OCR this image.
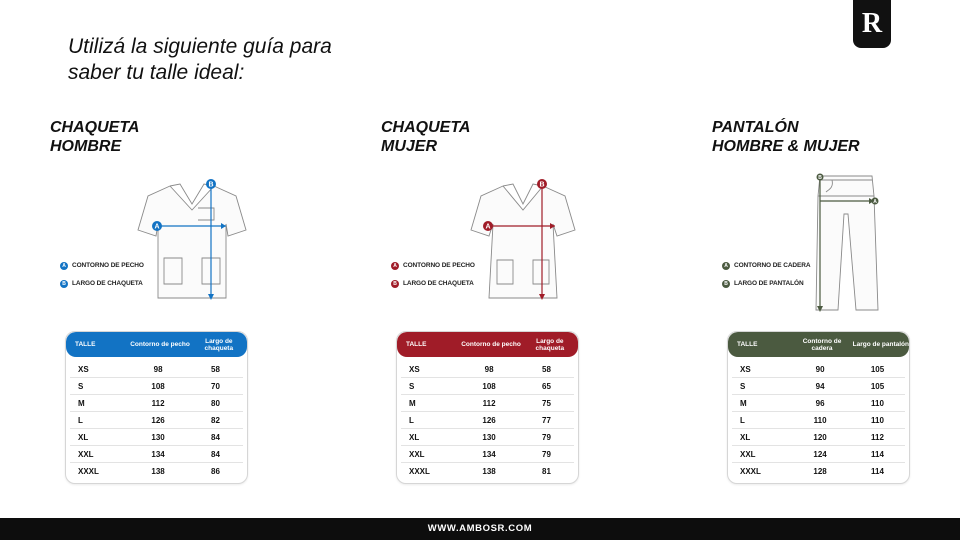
Utilizá la siguiente guía para
saber tu talle ideal:
R
CHAQUETA
HOMBRE
A
B
A CONTORNO DE PECHO
B LARGO DE CHAQUETA
TALLE	Contorno de pecho	Largo de chaqueta
XS	98	58
S	108	70
M	112	80
L	126	82
XL	130	84
XXL	134	84
XXXL	138	86
CHAQUETA
MUJER
A
B
A CONTORNO DE PECHO
B LARGO DE CHAQUETA
TALLE	Contorno de pecho	Largo de chaqueta
XS	98	58
S	108	65
M	112	75
L	126	77
XL	130	79
XXL	134	79
XXXL	138	81
PANTALÓN
HOMBRE & MUJER
B
A
A CONTORNO DE CADERA
B LARGO DE PANTALÓN
TALLE	Contorno de cadera	Largo de pantalón
XS	90	105
S	94	105
M	96	110
L	110	110
XL	120	112
XXL	124	114
XXXL	128	114
WWW.AMBOSR.COM
